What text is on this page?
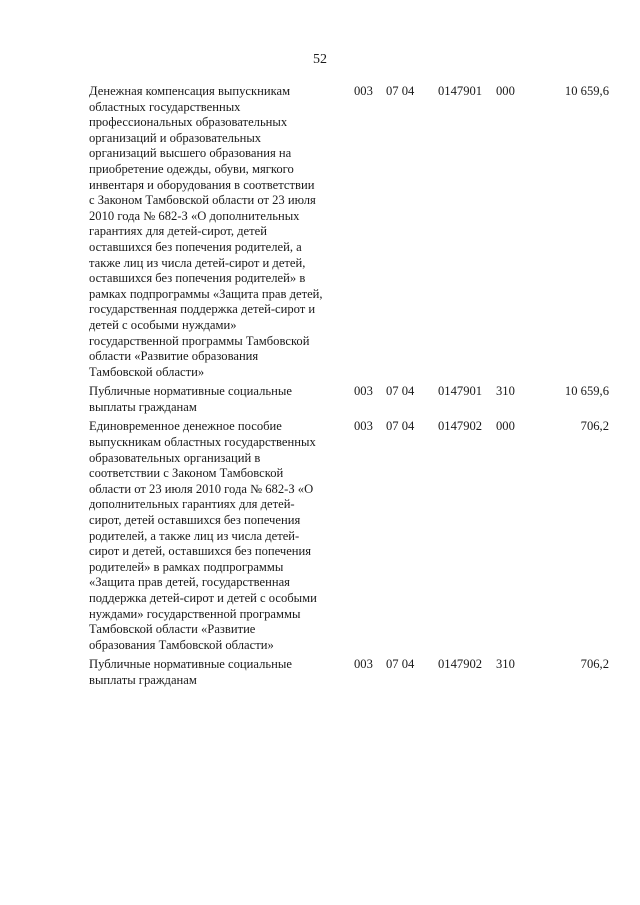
52
Денежная компенсация выпускникам
областных государственных
профессиональных образовательных
организаций и образовательных
организаций высшего образования на
приобретение одежды, обуви, мягкого
инвентаря и оборудования в соответствии
с Законом Тамбовской области от 23 июля
2010 года № 682-З «О дополнительных
гарантиях для детей-сирот, детей
оставшихся без попечения родителей, а
также лиц из числа детей-сирот и детей,
оставшихся без попечения родителей» в
рамках подпрограммы «Защита прав детей,
государственная поддержка детей-сирот и
детей с особыми нуждами»
государственной программы Тамбовской
области «Развитие образования
Тамбовской области»
003 07 04 0147901 000	10 659,6
Публичные нормативные социальные
выплаты гражданам
003 07 04 0147901 310	10 659,6
Единовременное денежное пособие
выпускникам областных государственных
образовательных организаций в
соответствии с Законом Тамбовской
области от 23 июля 2010 года № 682-З «О
дополнительных гарантиях для детей-
сирот, детей оставшихся без попечения
родителей, а также лиц из числа детей-
сирот и детей, оставшихся без попечения
родителей» в рамках подпрограммы
«Защита прав детей, государственная
поддержка детей-сирот и детей с особыми
нуждами» государственной программы
Тамбовской области «Развитие
образования Тамбовской области»
003 07 04 0147902 000	706,2
Публичные нормативные социальные
выплаты гражданам
003 07 04 0147902 310	706,2
